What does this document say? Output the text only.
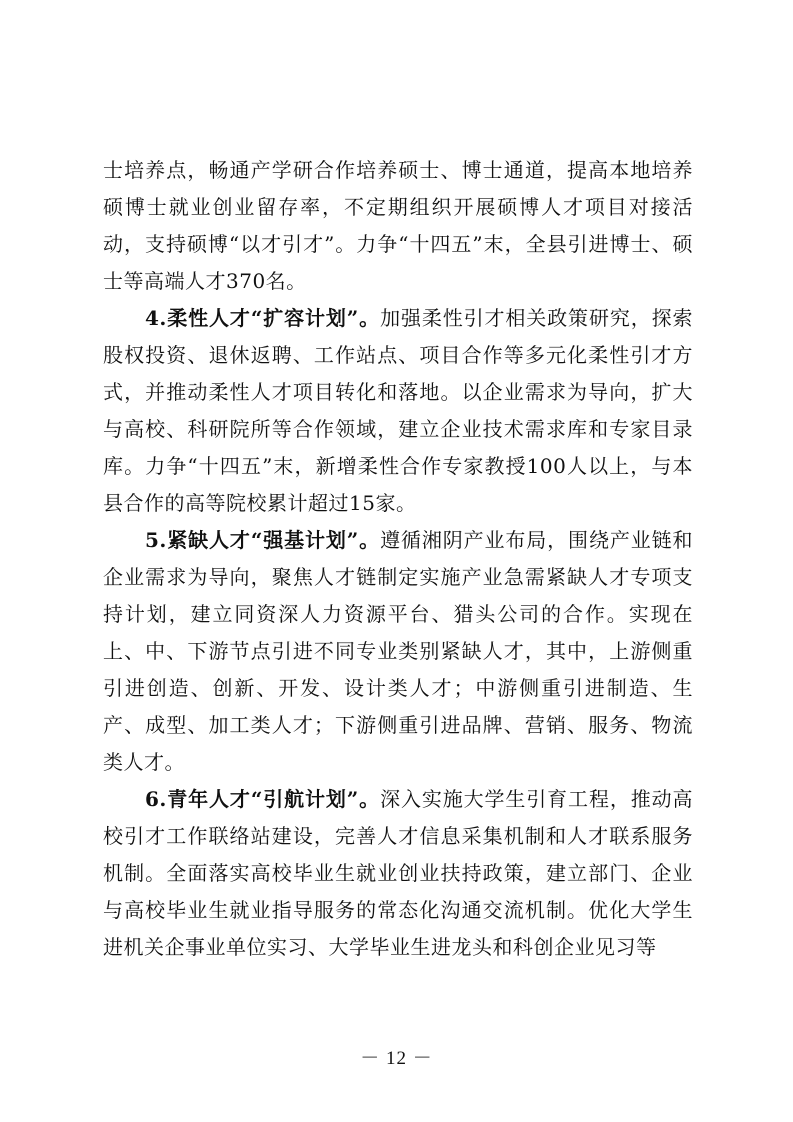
士培养点，畅通产学研合作培养硕士、博士通道，提高本地培养硕博士就业创业留存率，不定期组织开展硕博人才项目对接活动，支持硕博“以才引才”。力争“十四五”末，全县引进博士、硕士等高端人才370名。

4.柔性人才“扩容计划”。加强柔性引才相关政策研究，探索股权投资、退休返聘、工作站点、项目合作等多元化柔性引才方式，并推动柔性人才项目转化和落地。以企业需求为导向，扩大与高校、科研院所等合作领域，建立企业技术需求库和专家目录库。力争“十四五”末，新增柔性合作专家教授100人以上，与本县合作的高等院校累计超过15家。

5.紧缺人才“强基计划”。遵循湘阴产业布局，围绕产业链和企业需求为导向，聚焦人才链制定实施产业急需紧缺人才专项支持计划，建立同资深人力资源平台、猎头公司的合作。实现在上、中、下游节点引进不同专业类别紧缺人才，其中，上游侧重引进创造、创新、开发、设计类人才；中游侧重引进制造、生产、成型、加工类人才；下游侧重引进品牌、营销、服务、物流类人才。

6.青年人才“引航计划”。深入实施大学生引育工程，推动高校引才工作联络站建设，完善人才信息采集机制和人才联系服务机制。全面落实高校毕业生就业创业扶持政策，建立部门、企业与高校毕业生就业指导服务的常态化沟通交流机制。优化大学生进机关企事业单位实习、大学毕业生进龙头和科创企业见习等

－ 12 －
